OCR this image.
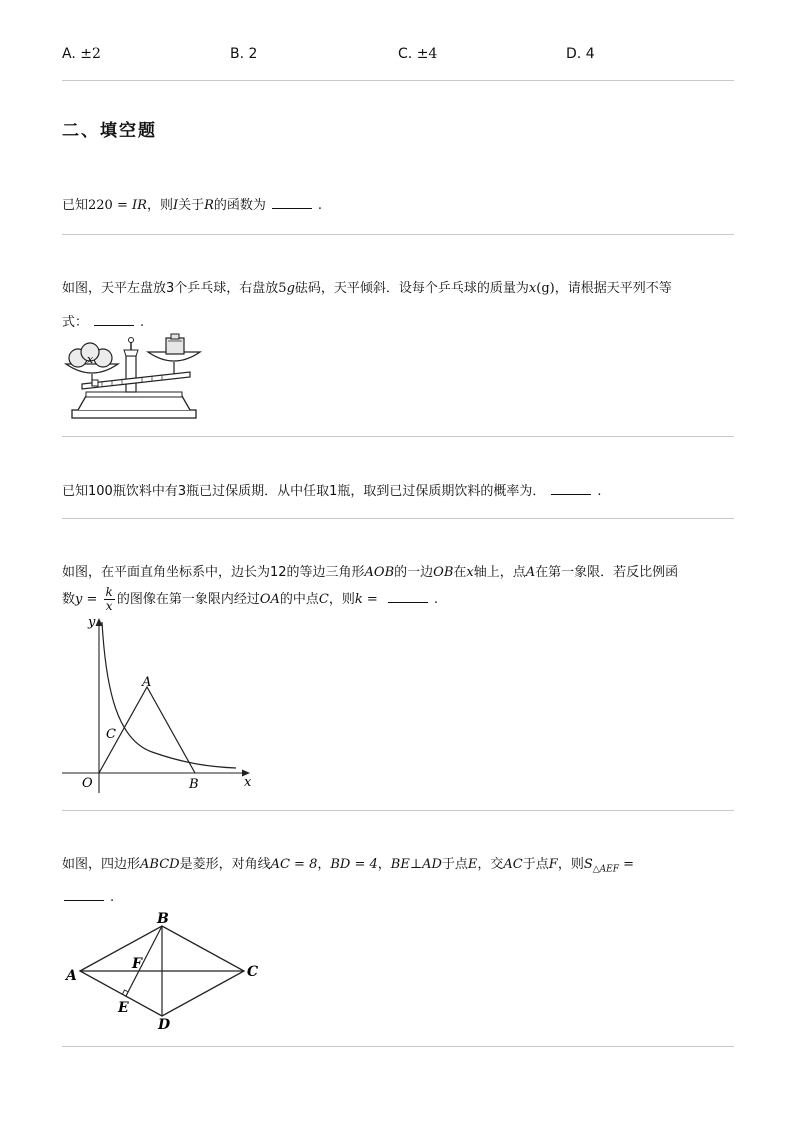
A. ±2	B. 2	C. ±4	D. 4
二、填空题
已知220 = IR，则I关于R的函数为	.
如图，天平左盘放3个乒乓球，右盘放5g砝码，天平倾斜．设每个乒乓球的质量为x(g)，请根据天平列不等
式：	.
x
已知100瓶饮料中有3瓶已过保质期．从中任取1瓶，取到已过保质期饮料的概率为．	.
如图，在平面直角坐标系中，边长为12的等边三角形AOB的一边OB在x轴上，点A在第一象限．若反比例函
数$y = \frac{k}{x}$ 的图像在第一象限内经过OA的中点C，则k =	.
y
x
O
A
B
C
如图，四边形ABCD是菱形，对角线AC = 8，BD = 4，BE⊥AD于点E，交AC于点F，则$S_{\triangle AEF}$ =
.
A
B
C
D
E
F
